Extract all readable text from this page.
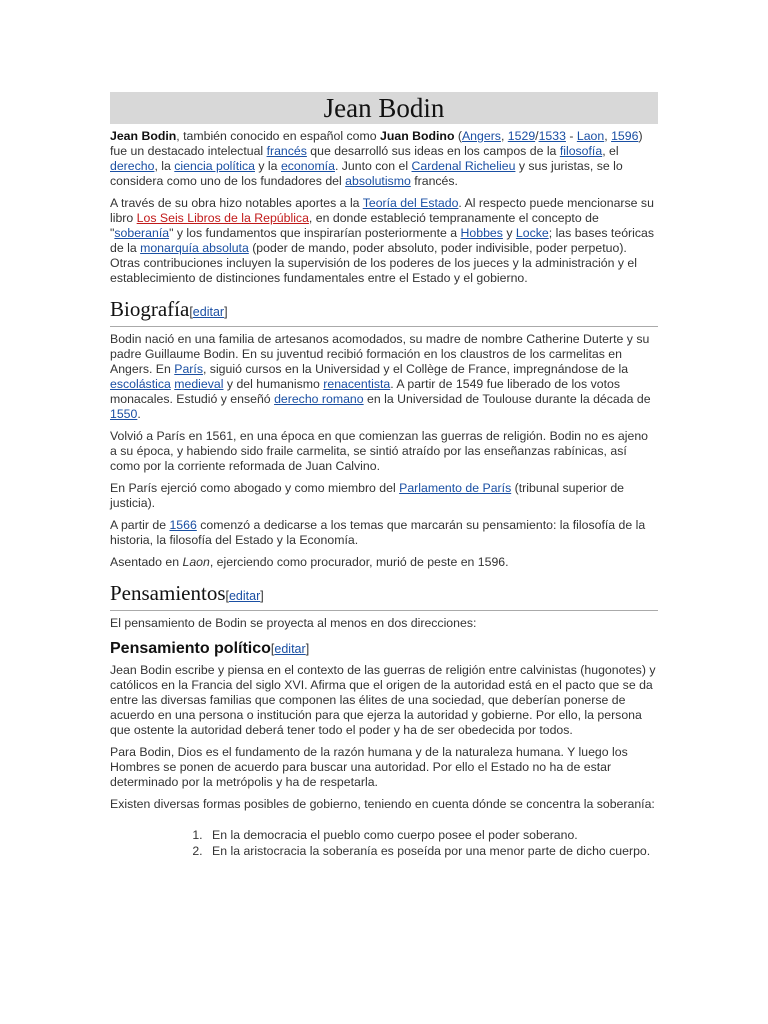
Jean Bodin

Jean Bodin, también conocido en español como Juan Bodino (Angers, 1529/1533 - Laon, 1596) fue un destacado intelectual francés que desarrolló sus ideas en los campos de la filosofía, el derecho, la ciencia política y la economía. Junto con el Cardenal Richelieu y sus juristas, se lo considera como uno de los fundadores del absolutismo francés.

A través de su obra hizo notables aportes a la Teoría del Estado. Al respecto puede mencionarse su libro Los Seis Libros de la República, en donde estableció tempranamente el concepto de "soberanía" y los fundamentos que inspirarían posteriormente a Hobbes y Locke; las bases teóricas de la monarquía absoluta (poder de mando, poder absoluto, poder indivisible, poder perpetuo). Otras contribuciones incluyen la supervisión de los poderes de los jueces y la administración y el establecimiento de distinciones fundamentales entre el Estado y el gobierno.

Biografía[editar]

Bodin nació en una familia de artesanos acomodados, su madre de nombre Catherine Duterte y su padre Guillaume Bodin. En su juventud recibió formación en los claustros de los carmelitas en Angers. En París, siguió cursos en la Universidad y el Collège de France, impregnándose de la escolástica medieval y del humanismo renacentista. A partir de 1549 fue liberado de los votos monacales. Estudió y enseñó derecho romano en la Universidad de Toulouse durante la década de 1550.

Volvió a París en 1561, en una época en que comienzan las guerras de religión. Bodin no es ajeno a su época, y habiendo sido fraile carmelita, se sintió atraído por las enseñanzas rabínicas, así como por la corriente reformada de Juan Calvino.

En París ejerció como abogado y como miembro del Parlamento de París (tribunal superior de justicia).

A partir de 1566 comenzó a dedicarse a los temas que marcarán su pensamiento: la filosofía de la historia, la filosofía del Estado y la Economía.

Asentado en Laon, ejerciendo como procurador, murió de peste en 1596.

Pensamientos[editar]

El pensamiento de Bodin se proyecta al menos en dos direcciones:

Pensamiento político[editar]

Jean Bodin escribe y piensa en el contexto de las guerras de religión entre calvinistas (hugonotes) y católicos en la Francia del siglo XVI. Afirma que el origen de la autoridad está en el pacto que se da entre las diversas familias que componen las élites de una sociedad, que deberían ponerse de acuerdo en una persona o institución para que ejerza la autoridad y gobierne. Por ello, la persona que ostente la autoridad deberá tener todo el poder y ha de ser obedecida por todos.

Para Bodin, Dios es el fundamento de la razón humana y de la naturaleza humana. Y luego los Hombres se ponen de acuerdo para buscar una autoridad. Por ello el Estado no ha de estar determinado por la metrópolis y ha de respetarla.

Existen diversas formas posibles de gobierno, teniendo en cuenta dónde se concentra la soberanía:

1. En la democracia el pueblo como cuerpo posee el poder soberano.
2. En la aristocracia la soberanía es poseída por una menor parte de dicho cuerpo.
